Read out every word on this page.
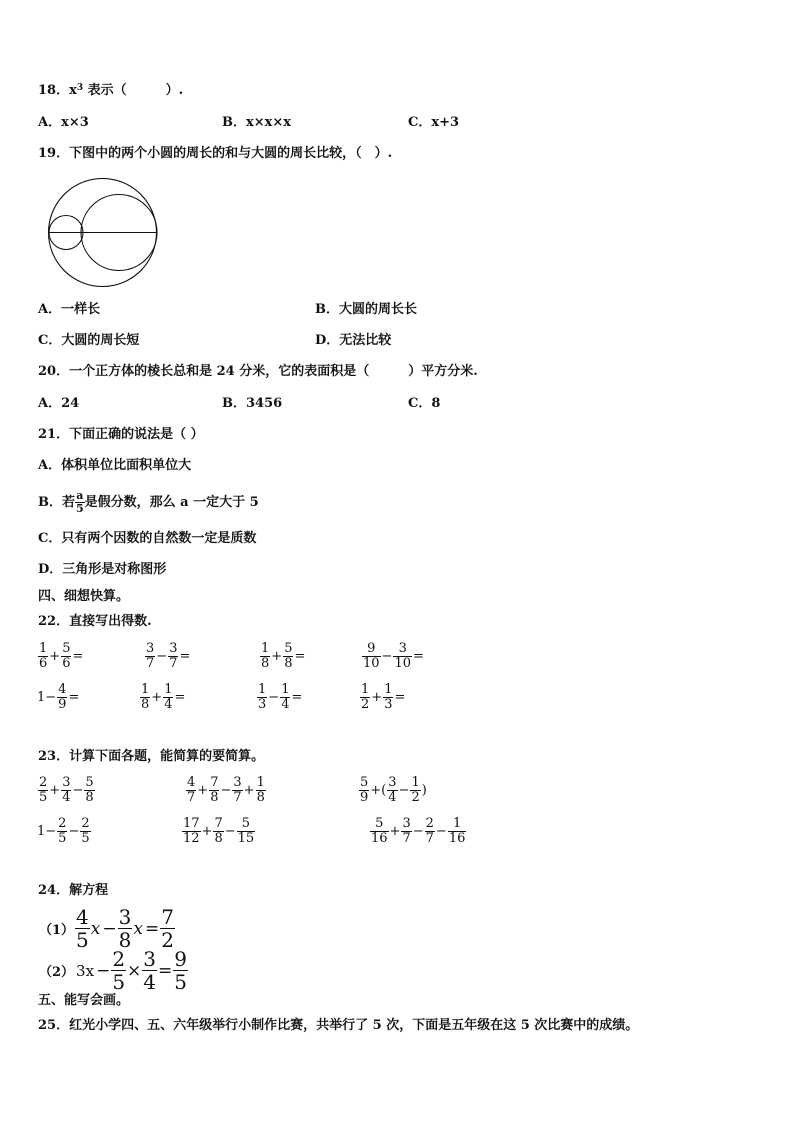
18．$x^3$ 表示（　　　）.
A．x×3	B．x×x×x	C．x+3
19．下图中的两个小圆的周长的和与大圆的周长比较，（　）.
A．一样长	B．大圆的周长长
C．大圆的周长短	D．无法比较
20．一个正方体的棱长总和是 24 分米，它的表面积是（　　　）平方分米.
A．24	B．3456	C．8
21．下面正确的说法是（ ）
A．体积单位比面积单位大
B．若 $\frac{a}{5}$ 是假分数，那么 a 一定大于 5
C．只有两个因数的自然数一定是质数
D．三角形是对称图形
四、细想快算。
22．直接写出得数.
$\frac{1}{6} + \frac{5}{6}$ =	$\frac{3}{7} - \frac{3}{7}$ =	$\frac{1}{8} + \frac{5}{8}$ =	$\frac{9}{10} - \frac{3}{10}$ =
$1- \frac{4}{9}$ =	$\frac{1}{8} + \frac{1}{4}$ =	$\frac{1}{3} - \frac{1}{4}$ =	$\frac{1}{2} + \frac{1}{3}$ =
23．计算下面各题，能简算的要简算。
$\frac{2}{5} + \frac{3}{4} - \frac{5}{8}$	$\frac{4}{7} + \frac{7}{8} - \frac{3}{7} + \frac{1}{8}$	$\frac{5}{9}$ +( $\frac{3}{4} - \frac{1}{2}$ )
$1- \frac{2}{5} - \frac{2}{5}$	$\frac{17}{12} + \frac{7}{8} - \frac{5}{15}$	$\frac{5}{16} + \frac{3}{7} - \frac{2}{7} - \frac{1}{16}$
24．解方程
$(1) \frac{4}{5}$ $x - \frac{3}{8}$ $x = \frac{7}{2}$
（2） $3x - \frac{2}{5} \times \frac{3}{4} = \frac{9}{5}$
五、能写会画。
25．红光小学四、五、六年级举行小制作比赛，共举行了 5 次，下面是五年级在这 5 次比赛中的成绩。
